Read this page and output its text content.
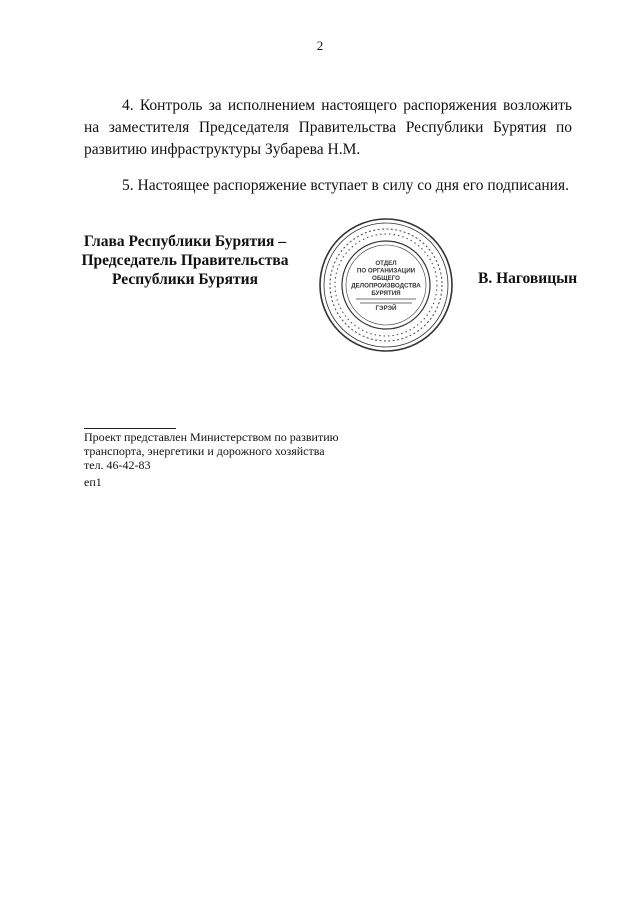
2

4. Контроль за исполнением настоящего распоряжения возложить на заместителя Председателя Правительства Республики Бурятия по развитию инфраструктуры Зубарева Н.М.

5. Настоящее распоряжение вступает в силу со дня его подписания.

Глава Республики Бурятия –
Председатель Правительства
Республики Бурятия
ОТДЕЛ
ПО ОРГАНИЗАЦИИ
ОБЩЕГО
ДЕЛОПРОИЗВОДСТВА
БУРЯТИЯ
ГЭРЭЙ
В. Наговицын
Проект представлен Министерством по развитию
транспорта, энергетики и дорожного хозяйства
тел. 46-42-83
еп1
